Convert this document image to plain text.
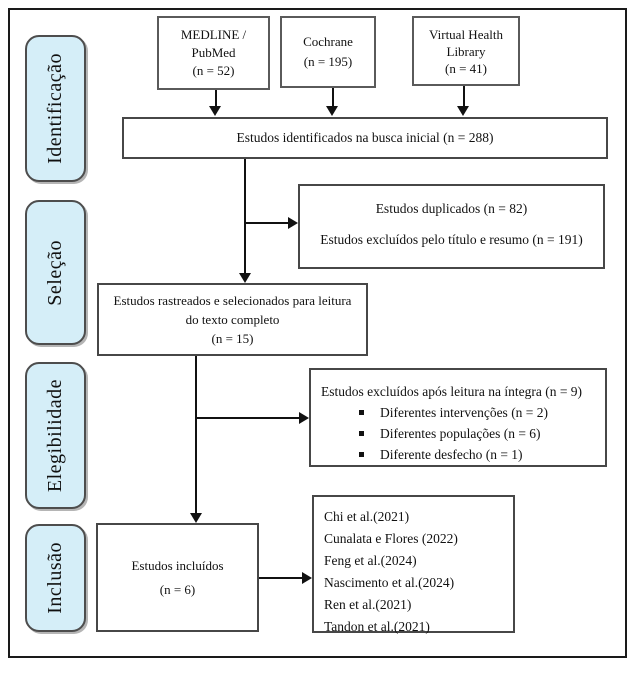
Identificação
Seleção
Elegibilidade
Inclusão
MEDLINE /
PubMed
(n = 52)
Cochrane
(n = 195)
Virtual Health
Library
(n = 41)
Estudos identificados na busca inicial (n = 288)
Estudos duplicados (n = 82)
Estudos excluídos pelo título e resumo (n = 191)
Estudos rastreados e selecionados para leitura
do texto completo
(n = 15)
Estudos excluídos após leitura na íntegra (n = 9)
Diferentes intervenções (n = 2)
Diferentes populações (n = 6)
Diferente desfecho (n = 1)
Estudos incluídos
(n = 6)
Chi et al.(2021)
Cunalata e Flores (2022)
Feng et al.(2024)
Nascimento et al.(2024)
Ren et al.(2021)
Tandon et al.(2021)
